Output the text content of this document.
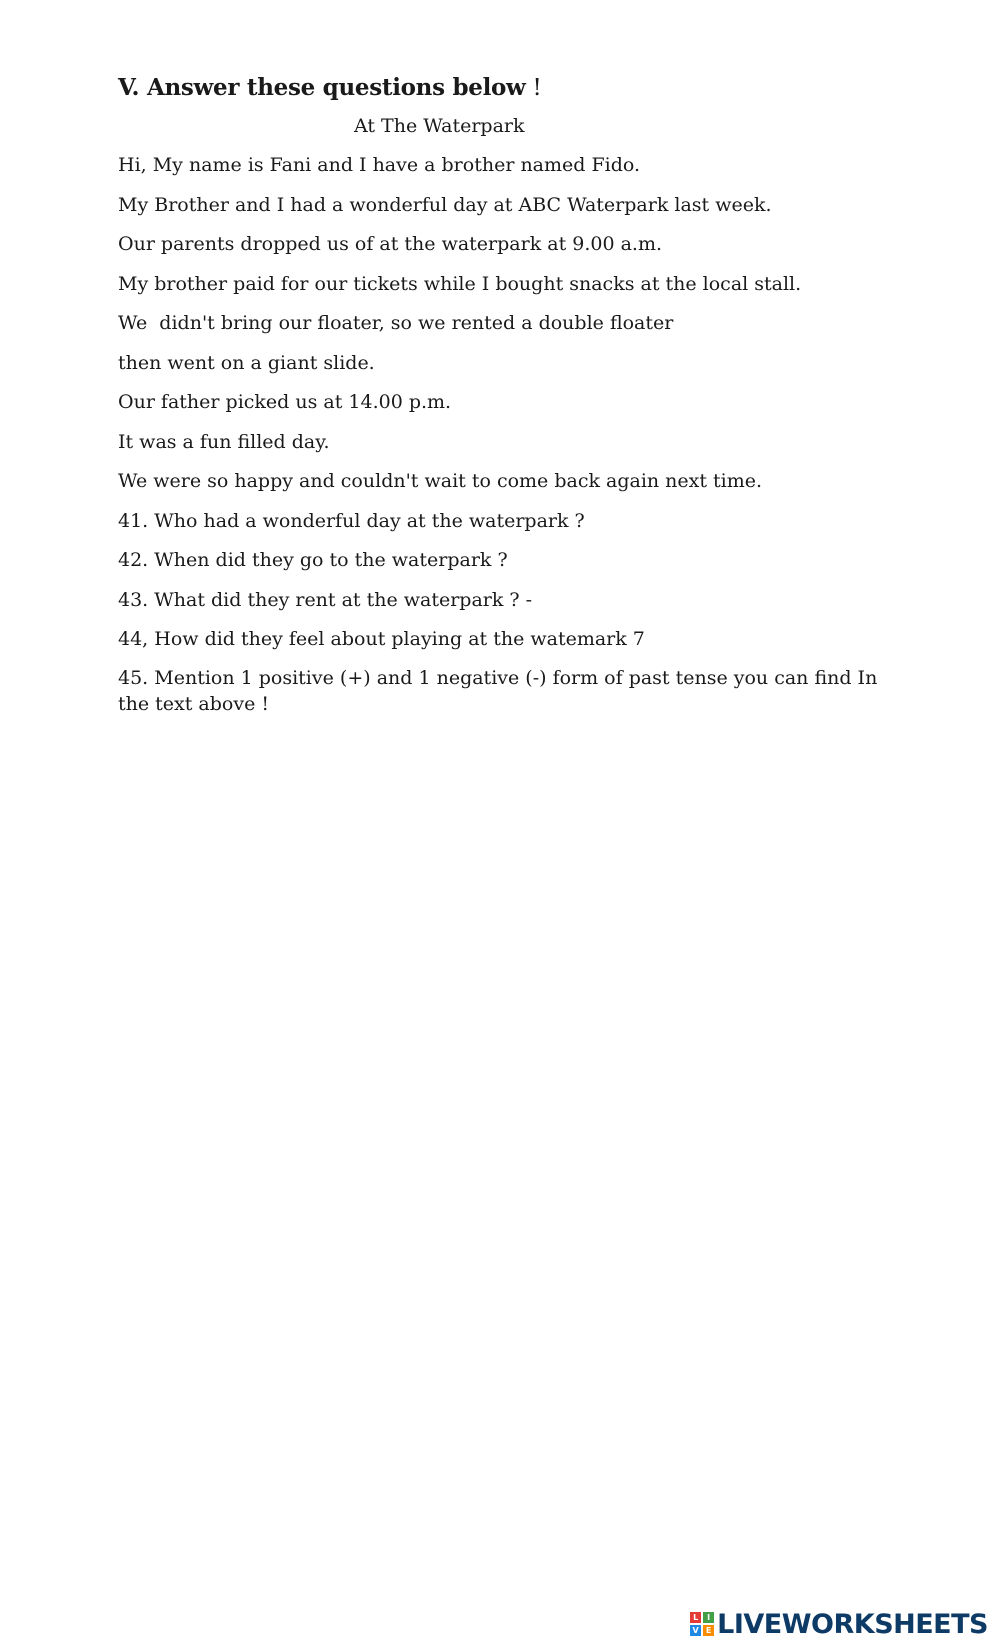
V. Answer these questions below !
At The Waterpark
Hi, My name is Fani and I have a brother named Fido.
My Brother and I had a wonderful day at ABC Waterpark last week.
Our parents dropped us of at the waterpark at 9.00 a.m.
My brother paid for our tickets while I bought snacks at the local stall.
We  didn't bring our floater, so we rented a double floater
then went on a giant slide.
Our father picked us at 14.00 p.m.
It was a fun filled day.
We were so happy and couldn't wait to come back again next time.
41. Who had a wonderful day at the waterpark ?
42. When did they go to the waterpark ?
43. What did they rent at the waterpark ? -
44, How did they feel about playing at the watemark 7
45. Mention 1 positive (+) and 1 negative (-) form of past tense you can find In the text above !
L	I
V E LIVEWORKSHEETS
